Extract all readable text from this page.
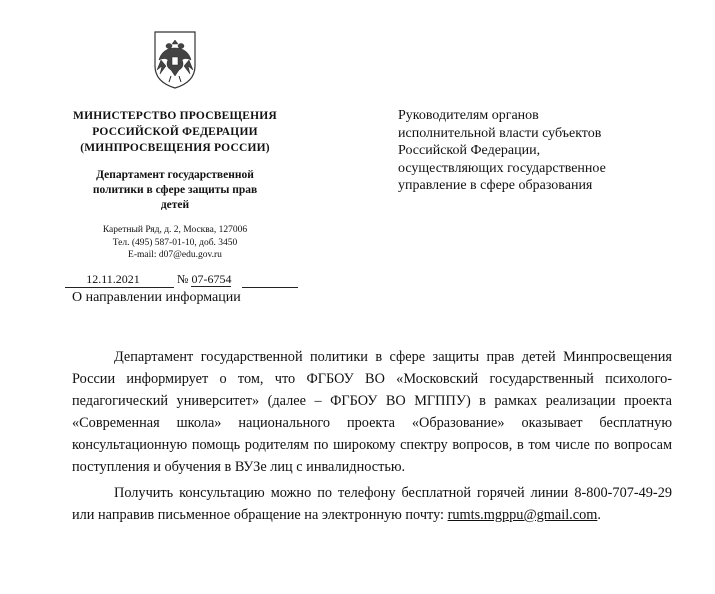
МИНИСТЕРСТВО ПРОСВЕЩЕНИЯ
РОССИЙСКОЙ ФЕДЕРАЦИИ
(МИНПРОСВЕЩЕНИЯ РОССИИ)
Департамент государственной
политики в сфере защиты прав
детей
Каретный Ряд, д. 2, Москва, 127006
Тел. (495) 587-01-10, доб. 3450
E-mail: d07@edu.gov.ru
12.11.2021	№ 07-6754
О направлении информации
Руководителям органов
исполнительной власти субъектов
Российской Федерации,
осуществляющих государственное
управление в сфере образования

Департамент государственной политики в сфере защиты прав детей Минпросвещения России информирует о том, что ФГБОУ ВО «Московский государственный психолого-педагогический университет» (далее – ФГБОУ ВО МГППУ) в рамках реализации проекта «Современная школа» национального проекта «Образование» оказывает бесплатную консультационную помощь родителям по широкому спектру вопросов, в том числе по вопросам поступления и обучения в ВУЗе лиц с инвалидностью.

Получить консультацию можно по телефону бесплатной горячей линии 8-800-707-49-29 или направив письменное обращение на электронную почту: rumts.mgppu@gmail.com.
